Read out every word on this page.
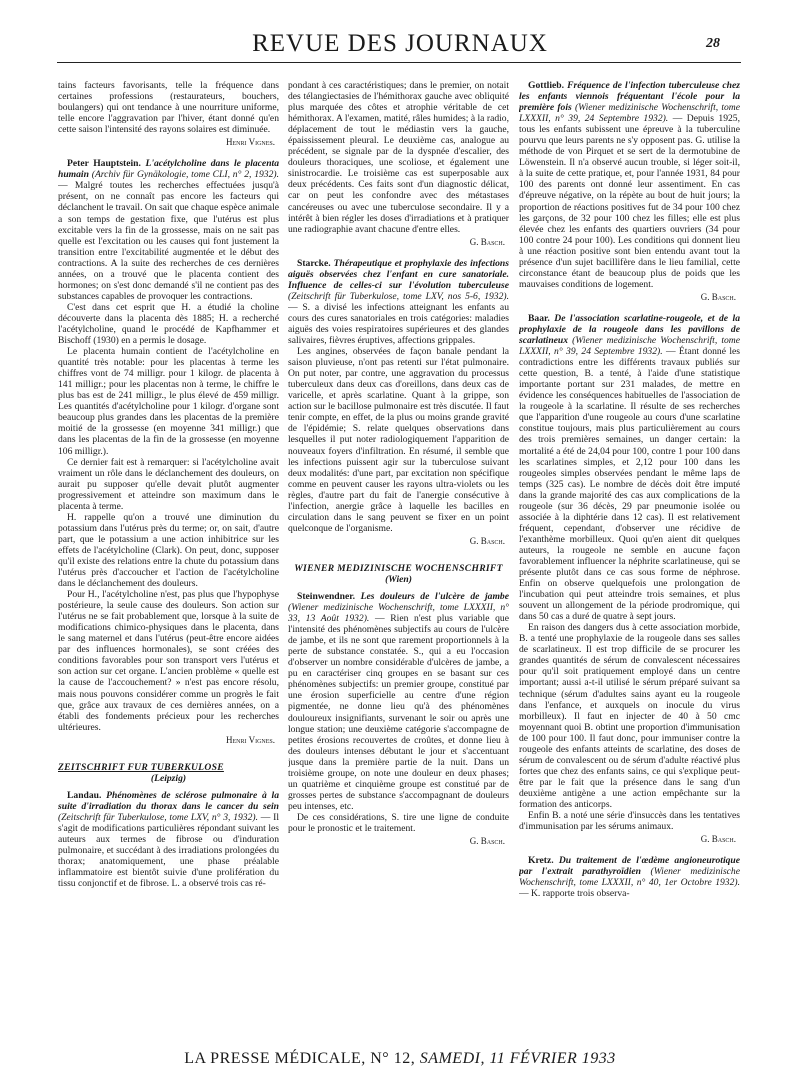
REVUE DES JOURNAUX	28

tains facteurs favorisants, telle la fréquence dans certaines professions (restaurateurs, bouchers, boulangers) qui ont tendance à une nourriture uniforme, telle encore l'aggravation par l'hiver, étant donné qu'en cette saison l'intensité des rayons solaires est diminuée.

Henri Vignes.

Peter Hauptstein. L'acétylcholine dans le placenta humain (Archiv für Gynäkologie, tome CLI, n° 2, 1932). — Malgré toutes les recherches effectuées jusqu'à présent, on ne connaît pas encore les facteurs qui déclanchent le travail. On sait que chaque espèce animale a son temps de gestation fixe, que l'utérus est plus excitable vers la fin de la grossesse, mais on ne sait pas quelle est l'excitation ou les causes qui font justement la transition entre l'excitabilité augmentée et le début des contractions. A la suite des recherches de ces dernières années, on a trouvé que le placenta contient des hormones; on s'est donc demandé s'il ne contient pas des substances capables de provoquer les contractions.

C'est dans cet esprit que H. a étudié la choline découverte dans la placenta dès 1885; H. a recherché l'acétylcholine, quand le procédé de Kapfhammer et Bischoff (1930) en a permis le dosage.

Le placenta humain contient de l'acétylcholine en quantité très notable: pour les placentas à terme les chiffres vont de 74 milligr. pour 1 kilogr. de placenta à 141 milligr.; pour les placentas non à terme, le chiffre le plus bas est de 241 milligr., le plus élevé de 459 milligr. Les quantités d'acétylcholine pour 1 kilogr. d'organe sont beaucoup plus grandes dans les placentas de la première moitié de la grossesse (en moyenne 341 milligr.) que dans les placentas de la fin de la grossesse (en moyenne 106 milligr.).

Ce dernier fait est à remarquer: si l'acétylcholine avait vraiment un rôle dans le déclanchement des douleurs, on aurait pu supposer qu'elle devait plutôt augmenter progressivement et atteindre son maximum dans le placenta à terme.

H. rappelle qu'on a trouvé une diminution du potassium dans l'utérus près du terme; or, on sait, d'autre part, que le potassium a une action inhibitrice sur les effets de l'acétylcholine (Clark). On peut, donc, supposer qu'il existe des relations entre la chute du potassium dans l'utérus près d'accoucher et l'action de l'acétylcholine dans le déclanchement des douleurs.

Pour H., l'acétylcholine n'est, pas plus que l'hypophyse postérieure, la seule cause des douleurs. Son action sur l'utérus ne se fait probablement que, lorsque à la suite de modifications chimico-physiques dans le placenta, dans le sang maternel et dans l'utérus (peut-être encore aidées par des influences hormonales), se sont créées des conditions favorables pour son transport vers l'utérus et son action sur cet organe. L'ancien problème « quelle est la cause de l'accouchement? » n'est pas encore résolu, mais nous pouvons considérer comme un progrès le fait que, grâce aux travaux de ces dernières années, on a établi des fondements précieux pour les recherches ultérieures.

Henri Vignes.
ZEITSCHRIFT FUR TUBERKULOSE
(Leipzig)

Landau. Phénomènes de sclérose pulmonaire à la suite d'irradiation du thorax dans le cancer du sein (Zeitschrift für Tuberkulose, tome LXV, n° 3, 1932). — Il s'agit de modifications particulières répondant suivant les auteurs aux termes de fibrose ou d'induration pulmonaire, et succédant à des irradiations prolongées du thorax; anatomiquement, une phase préalable inflammatoire est bientôt suivie d'une prolifération du tissu conjonctif et de fibrose. L. a observé trois cas ré-

pondant à ces caractéristiques; dans le premier, on notait des télangiectasies de l'hémithorax gauche avec obliquité plus marquée des côtes et atrophie véritable de cet hémithorax. A l'examen, matité, râles humides; à la radio, déplacement de tout le médiastin vers la gauche, épaississement pleural. Le deuxième cas, analogue au précédent, se signale par de la dyspnée d'escalier, des douleurs thoraciques, une scoliose, et également une sinistrocardie. Le troisième cas est superposable aux deux précédents. Ces faits sont d'un diagnostic délicat, car on peut les confondre avec des métastases cancéreuses ou avec une tuberculose secondaire. Il y a intérêt à bien régler les doses d'irradiations et à pratiquer une radiographie avant chacune d'entre elles.

G. Basch.

Starcke. Thérapeutique et prophylaxie des infections aiguës observées chez l'enfant en cure sanatoriale. Influence de celles-ci sur l'évolution tuberculeuse (Zeitschrift für Tuberkulose, tome LXV, nos 5-6, 1932). — S. a divisé les infections atteignant les enfants au cours des cures sanatoriales en trois catégories: maladies aiguës des voies respiratoires supérieures et des glandes salivaires, fièvres éruptives, affections grippales.

Les angines, observées de façon banale pendant la saison pluvieuse, n'ont pas retenti sur l'état pulmonaire. On put noter, par contre, une aggravation du processus tuberculeux dans deux cas d'oreillons, dans deux cas de varicelle, et après scarlatine. Quant à la grippe, son action sur le bacillose pulmonaire est très discutée. Il faut tenir compte, en effet, de la plus ou moins grande gravité de l'épidémie; S. relate quelques observations dans lesquelles il put noter radiologiquement l'apparition de nouveaux foyers d'infiltration. En résumé, il semble que les infections puissent agir sur la tuberculose suivant deux modalités: d'une part, par excitation non spécifique comme en peuvent causer les rayons ultra-violets ou les règles, d'autre part du fait de l'anergie consécutive à l'infection, anergie grâce à laquelle les bacilles en circulation dans le sang peuvent se fixer en un point quelconque de l'organisme.

G. Basch.
WIENER MEDIZINISCHE WOCHENSCHRIFT
(Wien)

Steinwendner. Les douleurs de l'ulcère de jambe (Wiener medizinische Wochenschrift, tome LXXXII, n° 33, 13 Août 1932). — Rien n'est plus variable que l'intensité des phénomènes subjectifs au cours de l'ulcère de jambe, et ils ne sont que rarement proportionnels à la perte de substance constatée. S., qui a eu l'occasion d'observer un nombre considérable d'ulcères de jambe, a pu en caractériser cinq groupes en se basant sur ces phénomènes subjectifs: un premier groupe, constitué par une érosion superficielle au centre d'une région pigmentée, ne donne lieu qu'à des phénomènes douloureux insignifiants, survenant le soir ou après une longue station; une deuxième catégorie s'accompagne de petites érosions recouvertes de croûtes, et donne lieu à des douleurs intenses débutant le jour et s'accentuant jusque dans la première partie de la nuit. Dans un troisième groupe, on note une douleur en deux phases; un quatrième et cinquième groupe est constitué par de grosses pertes de substance s'accompagnant de douleurs peu intenses, etc.

De ces considérations, S. tire une ligne de conduite pour le pronostic et le traitement.

G. Basch.

Gottlieb. Fréquence de l'infection tuberculeuse chez les enfants viennois fréquentant l'école pour la première fois (Wiener medizinische Wochenschrift, tome LXXXII, n° 39, 24 Septembre 1932). — Depuis 1925, tous les enfants subissent une épreuve à la tuberculine pourvu que leurs parents ne s'y opposent pas. G. utilise la méthode de von Pirquet et se sert de la dermotubine de Löwenstein. Il n'a observé aucun trouble, si léger soit-il, à la suite de cette pratique, et, pour l'année 1931, 84 pour 100 des parents ont donné leur assentiment. En cas d'épreuve négative, on la répète au bout de huit jours; la proportion de réactions positives fut de 34 pour 100 chez les garçons, de 32 pour 100 chez les filles; elle est plus élevée chez les enfants des quartiers ouvriers (34 pour 100 contre 24 pour 100). Les conditions qui donnent lieu à une réaction positive sont bien entendu avant tout la présence d'un sujet bacillifère dans le lieu familial, cette circonstance étant de beaucoup plus de poids que les mauvaises conditions de logement.

G. Basch.

Baar. De l'association scarlatine-rougeole, et de la prophylaxie de la rougeole dans les pavillons de scarlatineux (Wiener medizinische Wochenschrift, tome LXXXII, n° 39, 24 Septembre 1932). — Étant donné les contradictions entre les différents travaux publiés sur cette question, B. a tenté, à l'aide d'une statistique importante portant sur 231 malades, de mettre en évidence les conséquences habituelles de l'association de la rougeole à la scarlatine. Il résulte de ses recherches que l'apparition d'une rougeole au cours d'une scarlatine constitue toujours, mais plus particulièrement au cours des trois premières semaines, un danger certain: la mortalité a été de 24,04 pour 100, contre 1 pour 100 dans les scarlatines simples, et 2,12 pour 100 dans les rougeoles simples observées pendant le même laps de temps (325 cas). Le nombre de décès doit être imputé dans la grande majorité des cas aux complications de la rougeole (sur 36 décès, 29 par pneumonie isolée ou associée à la diphtérie dans 12 cas). Il est relativement fréquent, cependant, d'observer une récidive de l'exanthème morbilleux. Quoi qu'en aient dit quelques auteurs, la rougeole ne semble en aucune façon favorablement influencer la néphrite scarlatineuse, qui se présente plutôt dans ce cas sous forme de néphrose. Enfin on observe quelquefois une prolongation de l'incubation qui peut atteindre trois semaines, et plus souvent un allongement de la période prodromique, qui dans 50 cas a duré de quatre à sept jours.

En raison des dangers dus à cette association morbide, B. a tenté une prophylaxie de la rougeole dans ses salles de scarlatineux. Il est trop difficile de se procurer les grandes quantités de sérum de convalescent nécessaires pour qu'il soit pratiquement employé dans un centre important; aussi a-t-il utilisé le sérum préparé suivant sa technique (sérum d'adultes sains ayant eu la rougeole dans l'enfance, et auxquels on inocule du virus morbilleux). Il faut en injecter de 40 à 50 cmc moyennant quoi B. obtint une proportion d'immunisation de 100 pour 100. Il faut donc, pour immuniser contre la rougeole des enfants atteints de scarlatine, des doses de sérum de convalescent ou de sérum d'adulte réactivé plus fortes que chez des enfants sains, ce qui s'explique peut-être par le fait que la présence dans le sang d'un deuxième antigène a une action empêchante sur la formation des anticorps.

Enfin B. a noté une série d'insuccès dans les tentatives d'immunisation par les sérums animaux.

G. Basch.

Kretz. Du traitement de l'œdème angioneurotique par l'extrait parathyroïdien (Wiener medizinische Wochenschrift, tome LXXXII, n° 40, 1er Octobre 1932). — K. rapporte trois observa-

LA PRESSE MÉDICALE, N° 12, SAMEDI, 11 FÉVRIER 1933
